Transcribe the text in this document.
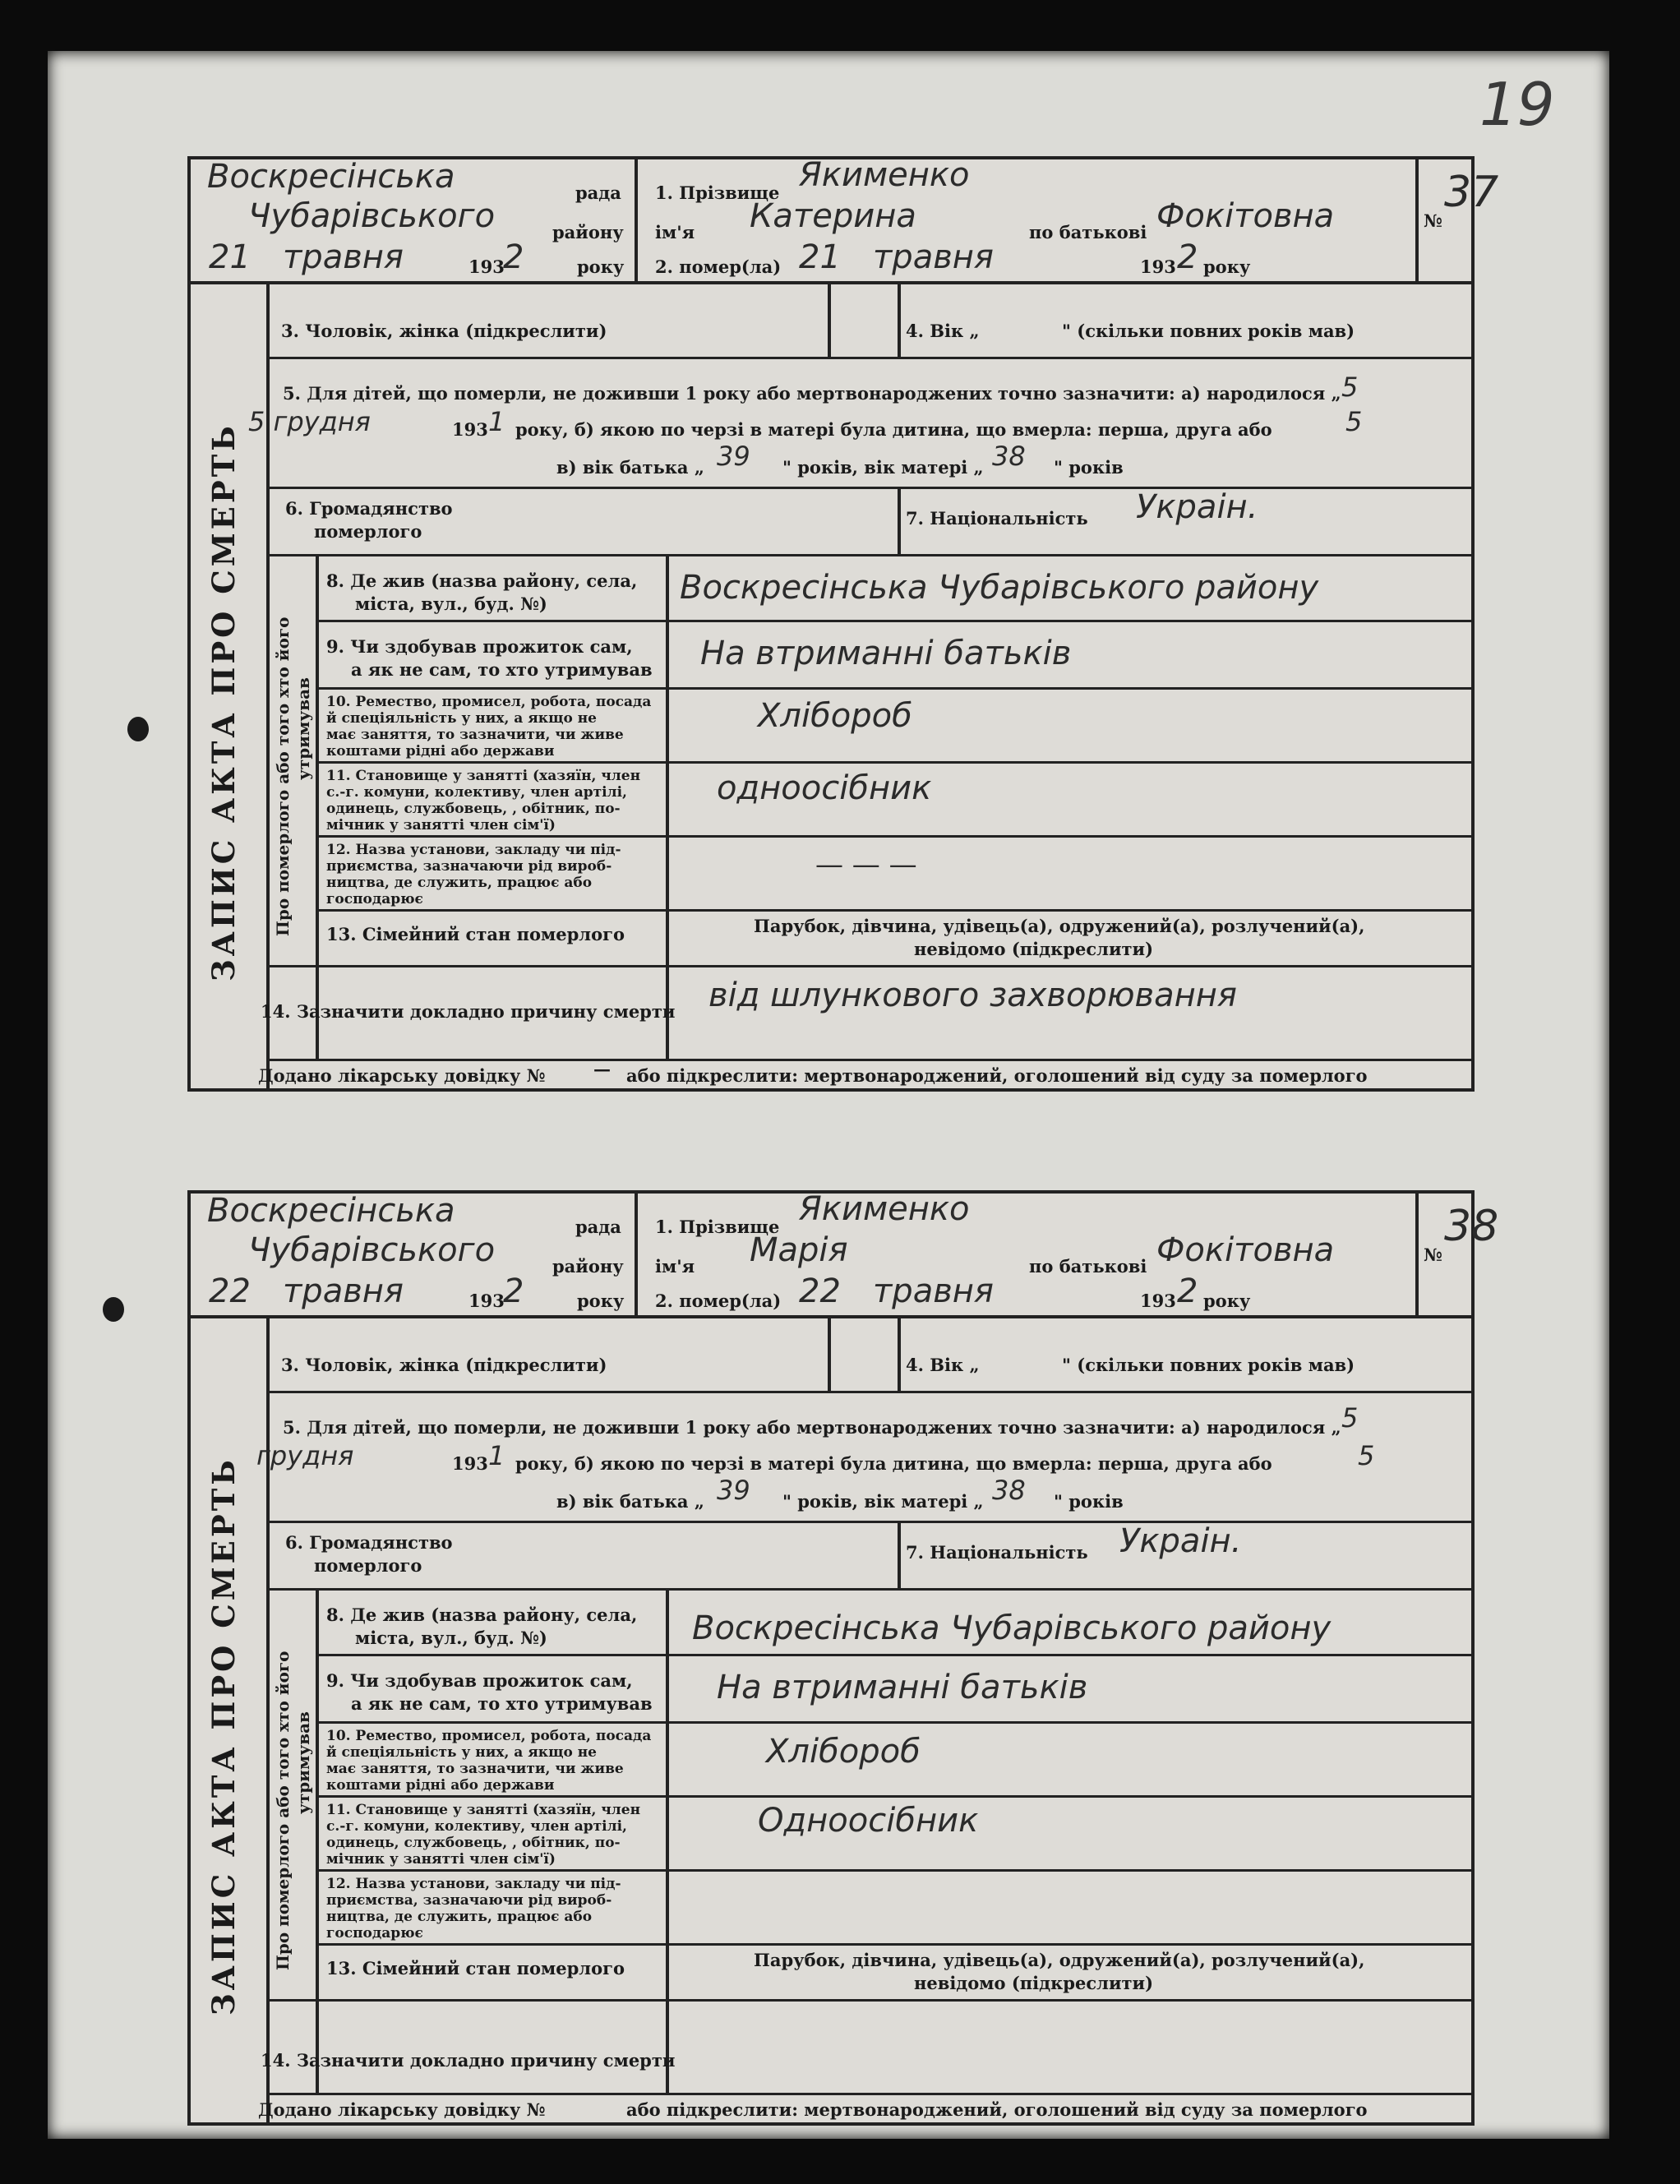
19
Воскресінська	рада
Чубарівського	району
21 травня	193
2	року
1. Прізвище Якименко
ім'я Катерина	по батькові Фокітовна
2. помер(ла) 21 травня	193 2 року
№
37
ЗАПИС АКТА ПРО СМЕРТЬ Про померлого або того хто його утримував
3. Чоловік, жінка (підкреслити)	4. Вік „	" (скільки повних років мав)
5. Для дітей, що померли, не доживши 1 року або мертвонароджених точно зазначити: а) народилося „ 5
5 грудня	193 1 року, б) якою по черзі в матері була дитина, що вмерла: перша, друга або	5
в) вік батька „ 39 " років, вік матері „ 38 " років
6. Громадянство
померлого
7. Національність Украін.
8. Де жив (назва району, села,
міста, вул., буд. №)	Воскресінська Чубарівського району
9. Чи здобував прожиток сам,
а як не сам, то хто утримував На втриманні батьків
10. Ремество, промисел, робота, посада
й спеціяльність у них, а якщо не
має заняття, то зазначити, чи живе
коштами рідні або держави
Хлібороб
11. Становище у занятті (хазяїн, член
с.-г. комуни, колективу, член артілі,
одинець, службовець, , обітник, по-
мічник у занятті член сім'ї)
одноосібник
12. Назва установи, закладу чи під-
приємства, зазначаючи рід вироб-
ництва, де служить, працює або
господарює
— — —
13. Сімейний стан померлого	Парубок, дівчина, удівець(а), одружений(а), розлучений(а),
невідомо (підкреслити)
14. Зазначити докладно причину смерти від шлункового захворювання
Додано лікарську довідку №	— або підкреслити: мертвонароджений, оголошений від суду за померлого
Воскресінська	рада
Чубарівського	району
22 травня	193
2	року
1. Прізвище Якименко
ім'я Марія	по батькові Фокітовна
2. помер(ла) 22 травня	193 2 року
№
38
ЗАПИС АКТА ПРО СМЕРТЬ Про померлого або того хто його утримував
3. Чоловік, жінка (підкреслити)	4. Вік „	" (скільки повних років мав)
5. Для дітей, що померли, не доживши 1 року або мертвонароджених точно зазначити: а) народилося „ 5
грудня	193 1 року, б) якою по черзі в матері була дитина, що вмерла: перша, друга або	5
в) вік батька „ 39 " років, вік матері „ 38 " років
6. Громадянство
померлого
7. Національність Украін.
8. Де жив (назва району, села,
міста, вул., буд. №)	Воскресінська Чубарівського району
9. Чи здобував прожиток сам,
а як не сам, то хто утримував На втриманні батьків
10. Ремество, промисел, робота, посада
й спеціяльність у них, а якщо не
має заняття, то зазначити, чи живе
коштами рідні або держави
Хлібороб
11. Становище у занятті (хазяїн, член
с.-г. комуни, колективу, член артілі,
одинець, службовець, , обітник, по-
мічник у занятті член сім'ї)
Одноосібник
12. Назва установи, закладу чи під-
приємства, зазначаючи рід вироб-
ництва, де служить, працює або
господарює
13. Сімейний стан померлого	Парубок, дівчина, удівець(а), одружений(а), розлучений(а),
невідомо (підкреслити)
14. Зазначити докладно причину смерти
Додано лікарську довідку №	або підкреслити: мертвонароджений, оголошений від суду за померлого
